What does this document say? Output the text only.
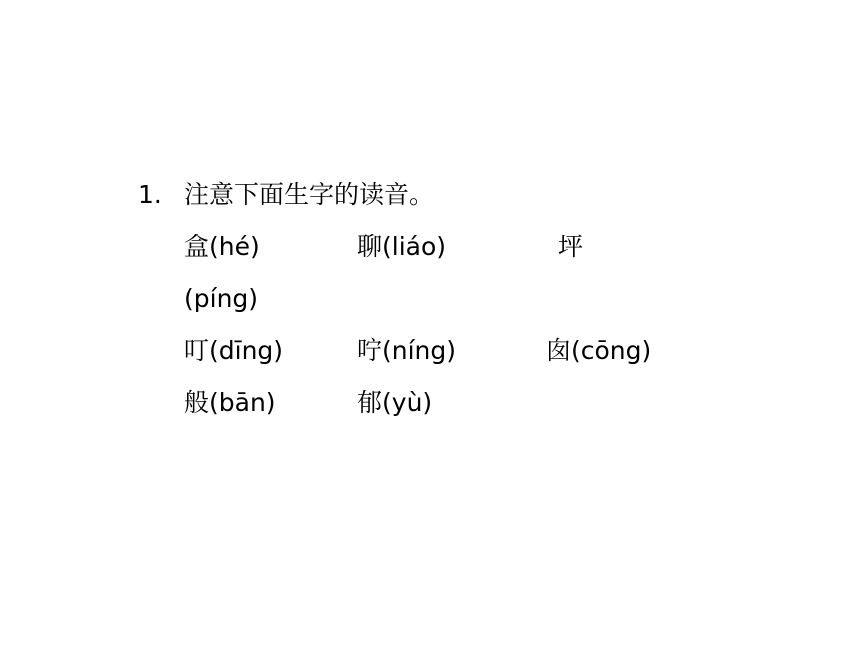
1. 注意下面生字的读音。
盒(hé)	聊(liáo)	坪
(píng)
叮(dīng)	咛(níng)	囱(cōng)
般(bān)	郁(yù)
